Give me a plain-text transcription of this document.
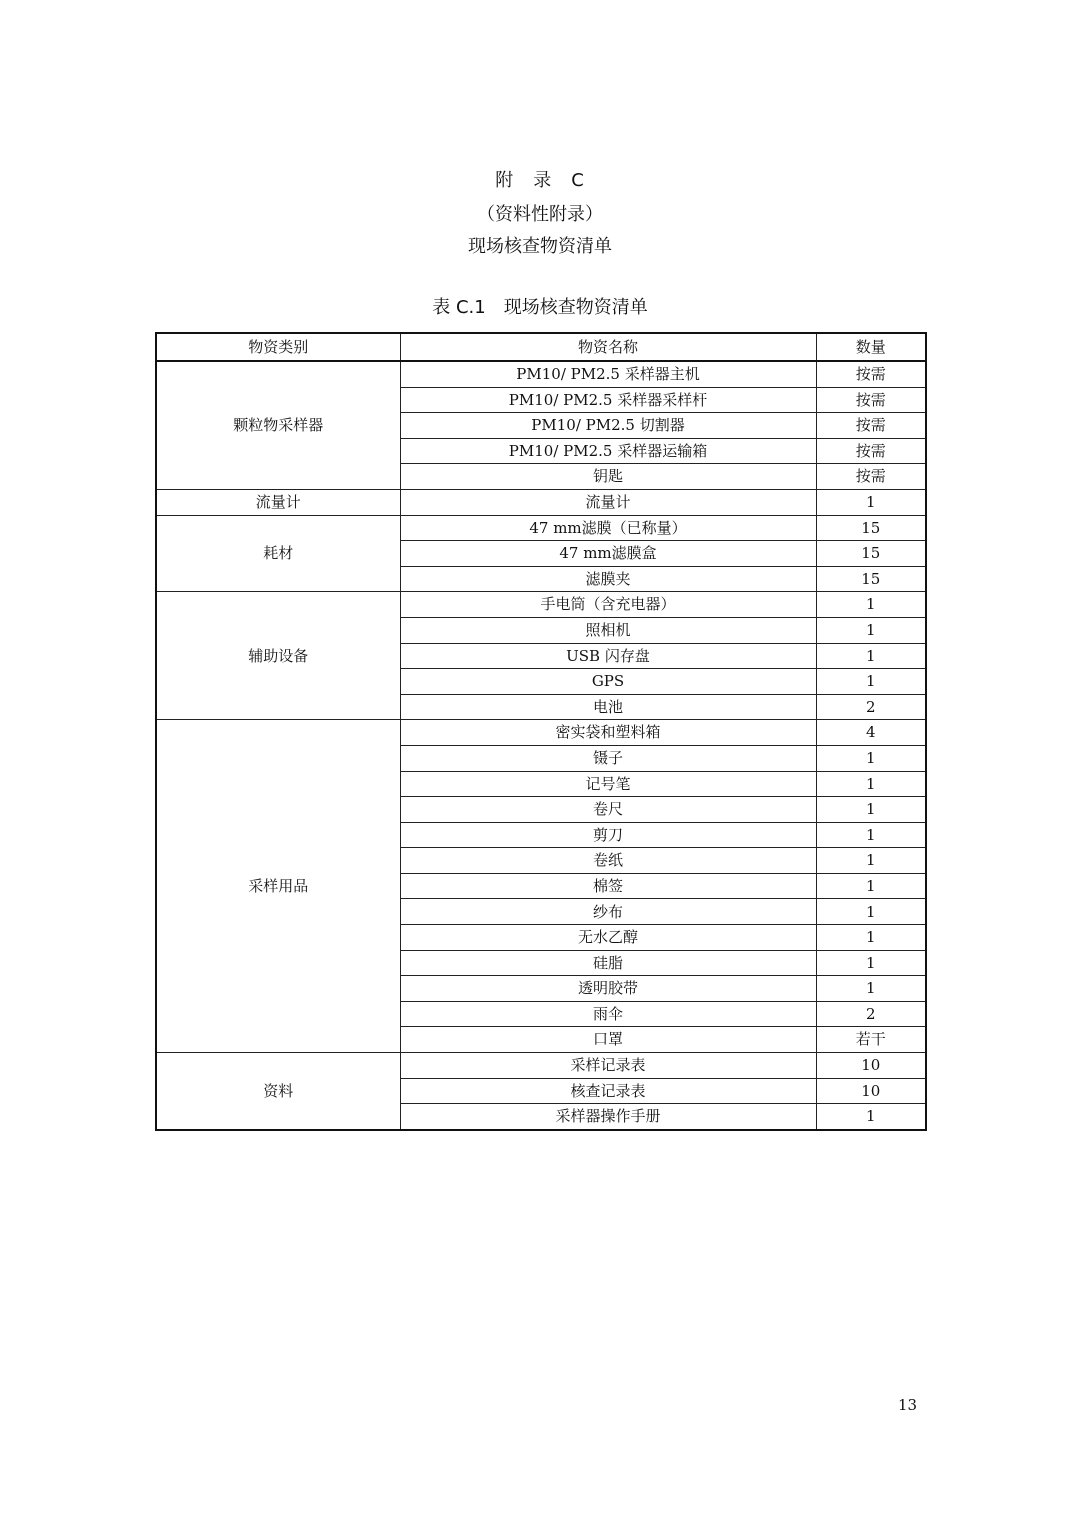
附　录　C
（资料性附录）
现场核查物资清单
表 C.1　现场核查物资清单
物资类别	物资名称	数量
颗粒物采样器	PM10/ PM2.5 采样器主机	按需
	PM10/ PM2.5 采样器采样杆	按需
	PM10/ PM2.5 切割器	按需
	PM10/ PM2.5 采样器运输箱	按需
	钥匙	按需
流量计	流量计	1
耗材	47 mm滤膜（已称量）	15
	47 mm滤膜盒	15
	滤膜夹	15
辅助设备	手电筒（含充电器）	1
	照相机	1
	USB 闪存盘	1
	GPS	1
	电池	2
采样用品	密实袋和塑料箱	4
	镊子	1
	记号笔	1
	卷尺	1
	剪刀	1
	卷纸	1
	棉签	1
	纱布	1
	无水乙醇	1
	硅脂	1
	透明胶带	1
	雨伞	2
	口罩	若干
资料	采样记录表	10
	核查记录表	10
	采样器操作手册	1
13
